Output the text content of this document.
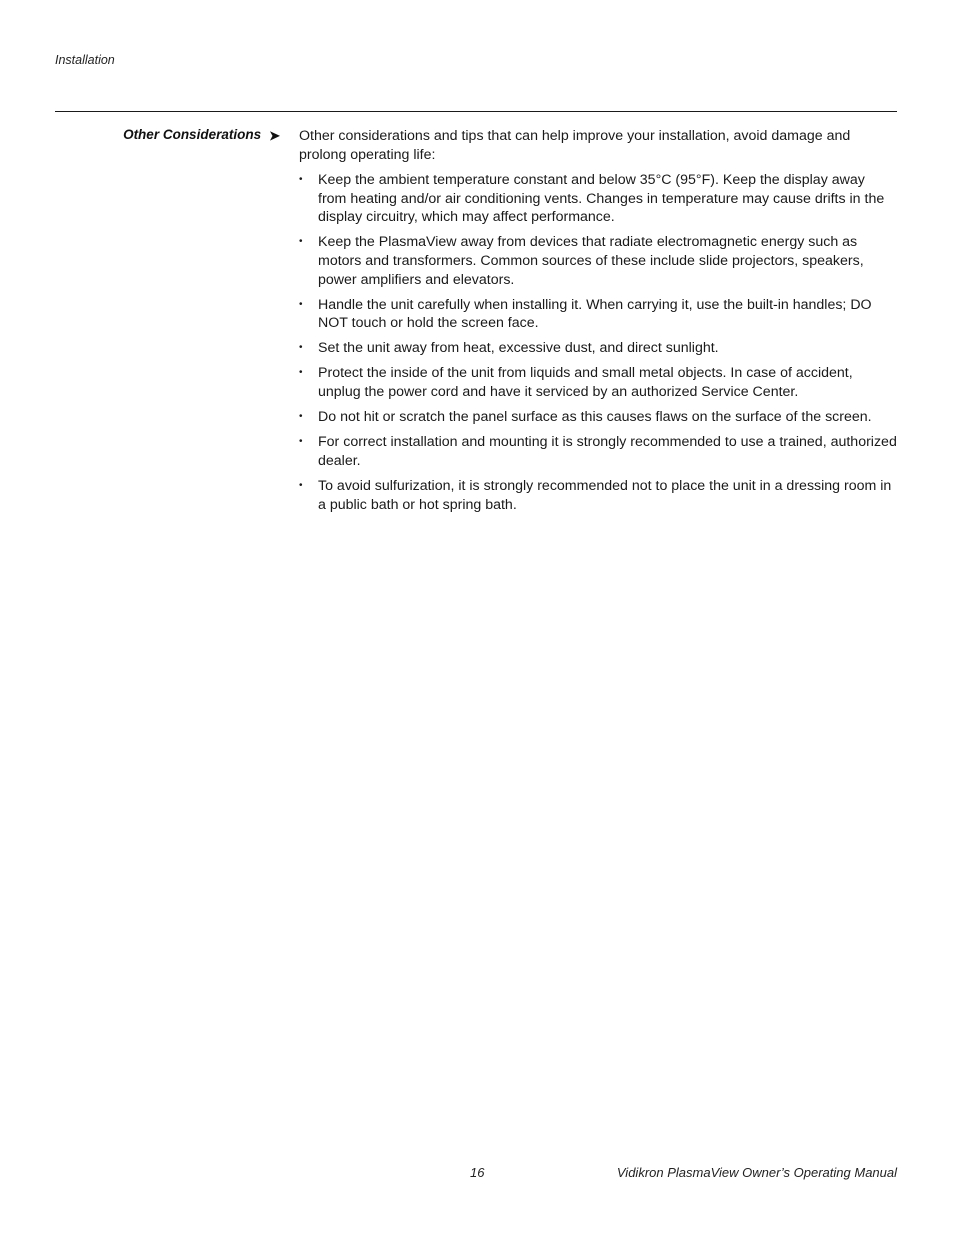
Installation
Other Considerations ➤ Other considerations and tips that can help improve your installation, avoid damage and prolong operating life:

•	Keep the ambient temperature constant and below 35°C (95°F). Keep the display away from heating and/or air conditioning vents. Changes in temperature may cause drifts in the display circuitry, which may affect performance.
•	Keep the PlasmaView away from devices that radiate electromagnetic energy such as motors and transformers. Common sources of these include slide projectors, speakers, power amplifiers and elevators.
•	Handle the unit carefully when installing it. When carrying it, use the built-in handles; DO NOT touch or hold the screen face.
•	Set the unit away from heat, excessive dust, and direct sunlight.
•	Protect the inside of the unit from liquids and small metal objects. In case of accident, unplug the power cord and have it serviced by an authorized Service Center.
•	Do not hit or scratch the panel surface as this causes flaws on the surface of the screen.
•	For correct installation and mounting it is strongly recommended to use a trained, authorized dealer.
•	To avoid sulfurization, it is strongly recommended not to place the unit in a dressing room in a public bath or hot spring bath.
16	Vidikron PlasmaView Owner’s Operating Manual
